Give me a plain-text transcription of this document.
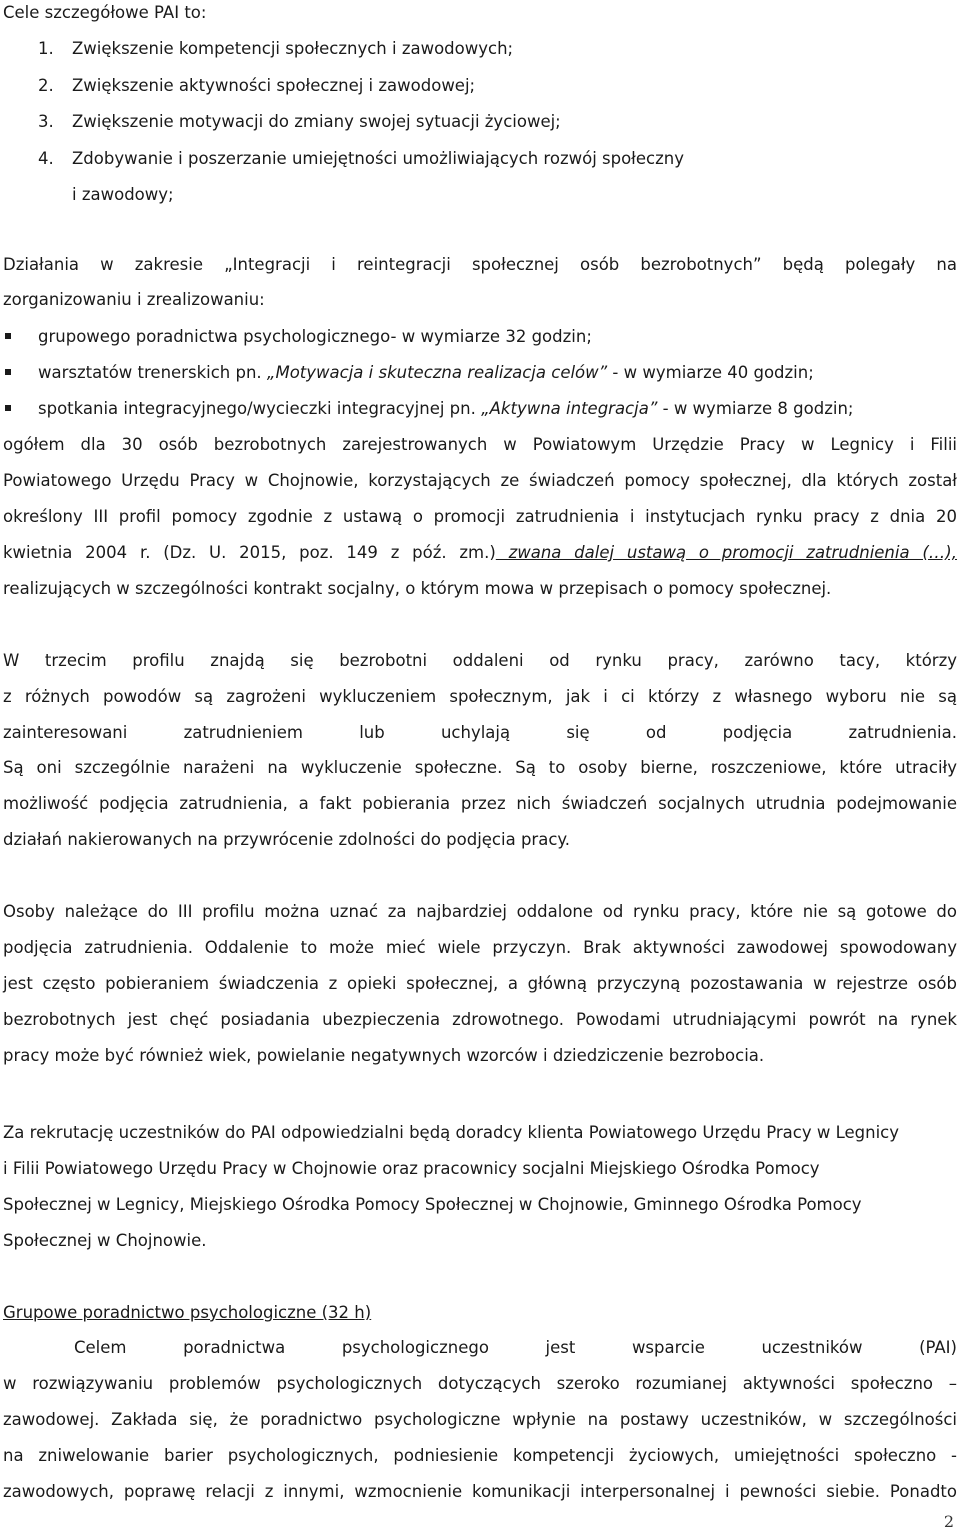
Cele szczegółowe PAI to:
1. Zwiększenie kompetencji społecznych i zawodowych;
2. Zwiększenie aktywności społecznej i zawodowej;
3. Zwiększenie motywacji do zmiany swojej sytuacji życiowej;
4. Zdobywanie i poszerzanie umiejętności umożliwiających rozwój społeczny
i zawodowy;
Działania w zakresie „Integracji i reintegracji społecznej osób bezrobotnych” będą polegały na
zorganizowaniu i zrealizowaniu:
grupowego poradnictwa psychologicznego- w wymiarze 32 godzin;
warsztatów trenerskich pn. „Motywacja i skuteczna realizacja celów” - w wymiarze 40 godzin;
spotkania integracyjnego/wycieczki integracyjnej pn. „Aktywna integracja” - w wymiarze 8 godzin;
ogółem dla 30 osób bezrobotnych zarejestrowanych w Powiatowym Urzędzie Pracy w Legnicy i Filii
Powiatowego Urzędu Pracy w Chojnowie, korzystających ze świadczeń pomocy społecznej, dla których został
określony III profil pomocy zgodnie z ustawą o promocji zatrudnienia i instytucjach rynku pracy z dnia 20
kwietnia 2004 r. (Dz. U. 2015, poz. 149 z póź. zm.) zwana dalej ustawą o promocji zatrudnienia (…),
realizujących w szczególności kontrakt socjalny, o którym mowa w przepisach o pomocy społecznej.
W trzecim profilu znajdą się bezrobotni oddaleni od rynku pracy, zarówno tacy, którzy
z różnych powodów są zagrożeni wykluczeniem społecznym, jak i ci którzy z własnego wyboru nie są
zainteresowani zatrudnieniem lub uchylają się od podjęcia zatrudnienia.
Są oni szczególnie narażeni na wykluczenie społeczne. Są to osoby bierne, roszczeniowe, które utraciły
możliwość podjęcia zatrudnienia, a fakt pobierania przez nich świadczeń socjalnych utrudnia podejmowanie
działań nakierowanych na przywrócenie zdolności do podjęcia pracy.
Osoby należące do III profilu można uznać za najbardziej oddalone od rynku pracy, które nie są gotowe do
podjęcia zatrudnienia. Oddalenie to może mieć wiele przyczyn. Brak aktywności zawodowej spowodowany
jest często pobieraniem świadczenia z opieki społecznej, a główną przyczyną pozostawania w rejestrze osób
bezrobotnych jest chęć posiadania ubezpieczenia zdrowotnego. Powodami utrudniającymi powrót na rynek
pracy może być również wiek, powielanie negatywnych wzorców i dziedziczenie bezrobocia.
Za rekrutację uczestników do PAI odpowiedzialni będą doradcy klienta Powiatowego Urzędu Pracy w Legnicy
i Filii Powiatowego Urzędu Pracy w Chojnowie oraz pracownicy socjalni Miejskiego Ośrodka Pomocy
Społecznej w Legnicy, Miejskiego Ośrodka Pomocy Społecznej w Chojnowie, Gminnego Ośrodka Pomocy
Społecznej w Chojnowie.
Grupowe poradnictwo psychologiczne (32 h)
Celem poradnictwa psychologicznego jest wsparcie uczestników (PAI)
w rozwiązywaniu problemów psychologicznych dotyczących szeroko rozumianej aktywności społeczno –
zawodowej. Zakłada się, że poradnictwo psychologiczne wpłynie na postawy uczestników, w szczególności
na zniwelowanie barier psychologicznych, podniesienie kompetencji życiowych, umiejętności społeczno -
zawodowych, poprawę relacji z innymi, wzmocnienie komunikacji interpersonalnej i pewności siebie. Ponadto
2
